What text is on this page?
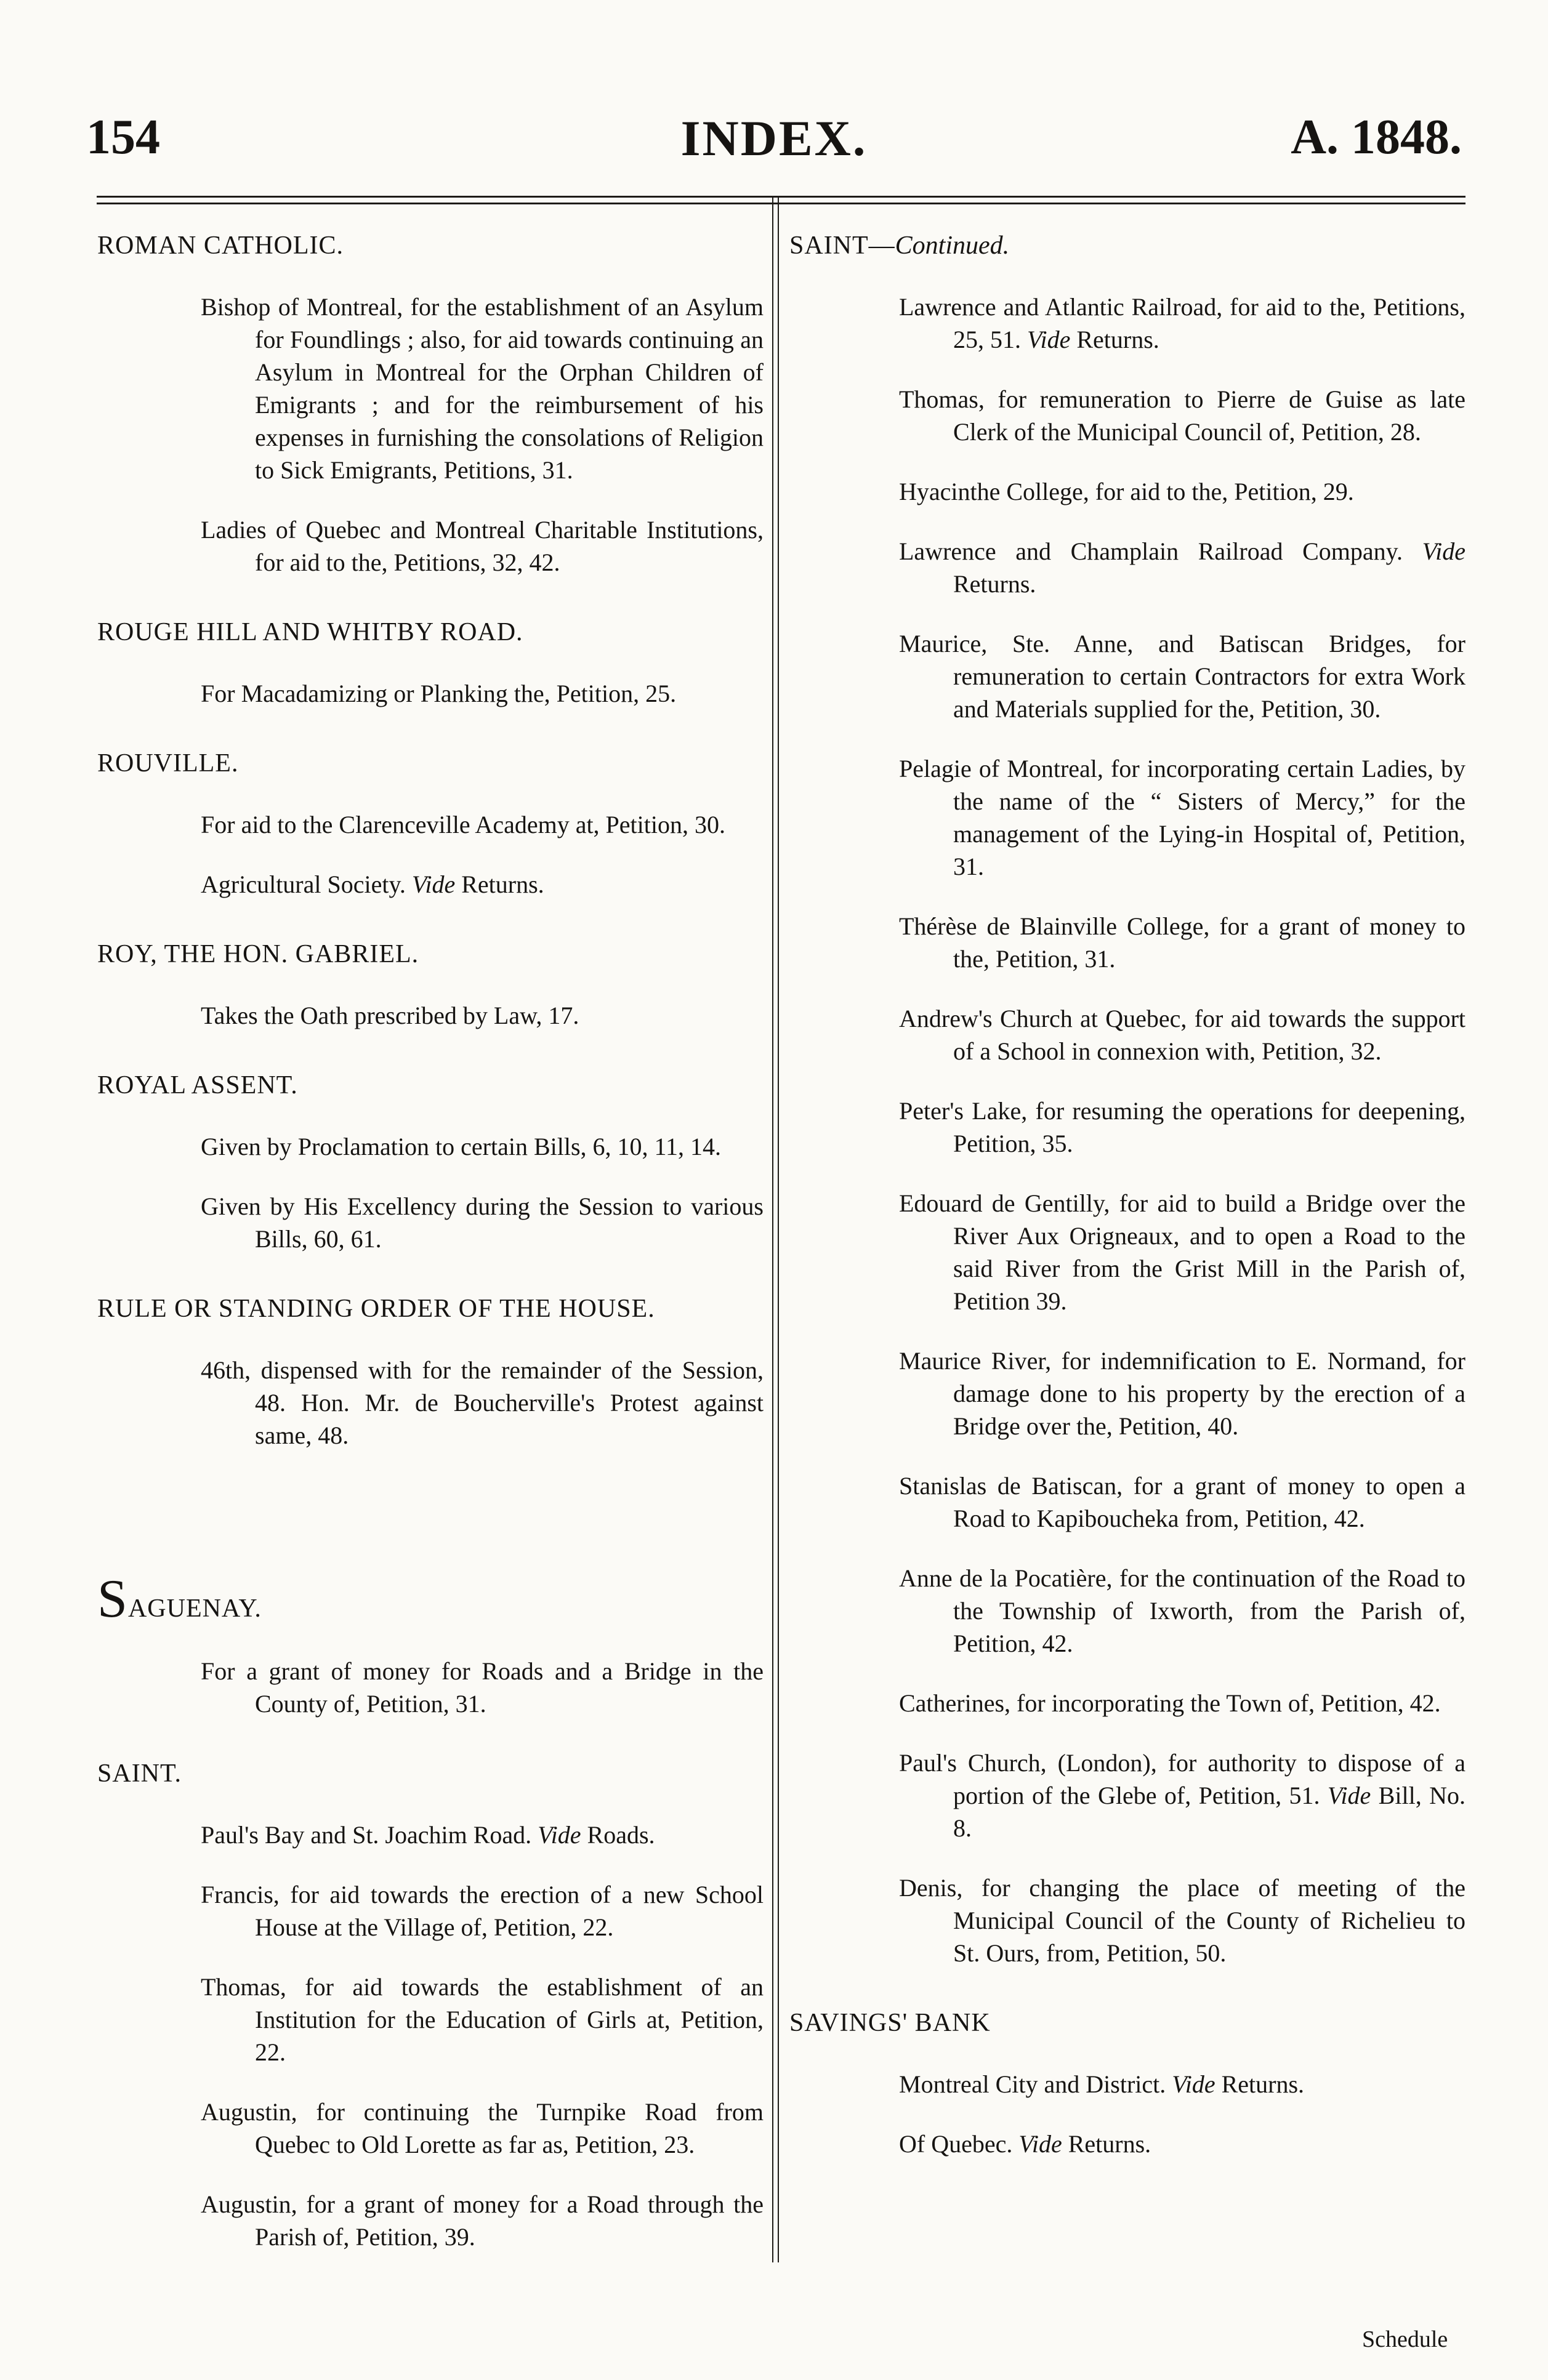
154	INDEX.	A. 1848.
ROMAN CATHOLIC.
Bishop of Montreal, for the establishment of an Asylum for Foundlings ; also, for aid towards continuing an Asylum in Montreal for the Orphan Children of Emigrants ; and for the reimbursement of his expenses in furnishing the consolations of Religion to Sick Emigrants, Petitions, 31.
Ladies of Quebec and Montreal Charitable Institutions, for aid to the, Petitions, 32, 42.
ROUGE HILL AND WHITBY ROAD.
For Macadamizing or Planking the, Petition, 25.
ROUVILLE.
For aid to the Clarenceville Academy at, Petition, 30.
Agricultural Society. Vide Returns.
ROY, THE HON. GABRIEL.
Takes the Oath prescribed by Law, 17.
ROYAL ASSENT.
Given by Proclamation to certain Bills, 6, 10, 11, 14.
Given by His Excellency during the Session to various Bills, 60, 61.
RULE OR STANDING ORDER OF THE HOUSE.
46th, dispensed with for the remainder of the Session, 48. Hon. Mr. de Boucherville's Protest against same, 48.
SAGUENAY.
For a grant of money for Roads and a Bridge in the County of, Petition, 31.
SAINT.
Paul's Bay and St. Joachim Road. Vide Roads.
Francis, for aid towards the erection of a new School House at the Village of, Petition, 22.
Thomas, for aid towards the establishment of an Institution for the Education of Girls at, Petition, 22.
Augustin, for continuing the Turnpike Road from Quebec to Old Lorette as far as, Petition, 23.
Augustin, for a grant of money for a Road through the Parish of, Petition, 39.
SAINT—Continued.
Lawrence and Atlantic Railroad, for aid to the, Petitions, 25, 51. Vide Returns.
Thomas, for remuneration to Pierre de Guise as late Clerk of the Municipal Council of, Petition, 28.
Hyacinthe College, for aid to the, Petition, 29.
Lawrence and Champlain Railroad Company. Vide Returns.
Maurice, Ste. Anne, and Batiscan Bridges, for remuneration to certain Contractors for extra Work and Materials supplied for the, Petition, 30.
Pelagie of Montreal, for incorporating certain Ladies, by the name of the “ Sisters of Mercy,” for the management of the Lying-in Hospital of, Petition, 31.
Thérèse de Blainville College, for a grant of money to the, Petition, 31.
Andrew's Church at Quebec, for aid towards the support of a School in connexion with, Petition, 32.
Peter's Lake, for resuming the operations for deepening, Petition, 35.
Edouard de Gentilly, for aid to build a Bridge over the River Aux Origneaux, and to open a Road to the said River from the Grist Mill in the Parish of, Petition 39.
Maurice River, for indemnification to E. Normand, for damage done to his property by the erection of a Bridge over the, Petition, 40.
Stanislas de Batiscan, for a grant of money to open a Road to Kapiboucheka from, Petition, 42.
Anne de la Pocatière, for the continuation of the Road to the Township of Ixworth, from the Parish of, Petition, 42.
Catherines, for incorporating the Town of, Petition, 42.
Paul's Church, (London), for authority to dispose of a portion of the Glebe of, Petition, 51. Vide Bill, No. 8.
Denis, for changing the place of meeting of the Municipal Council of the County of Richelieu to St. Ours, from, Petition, 50.
SAVINGS' BANK
Montreal City and District. Vide Returns.
Of Quebec. Vide Returns.
Schedule
